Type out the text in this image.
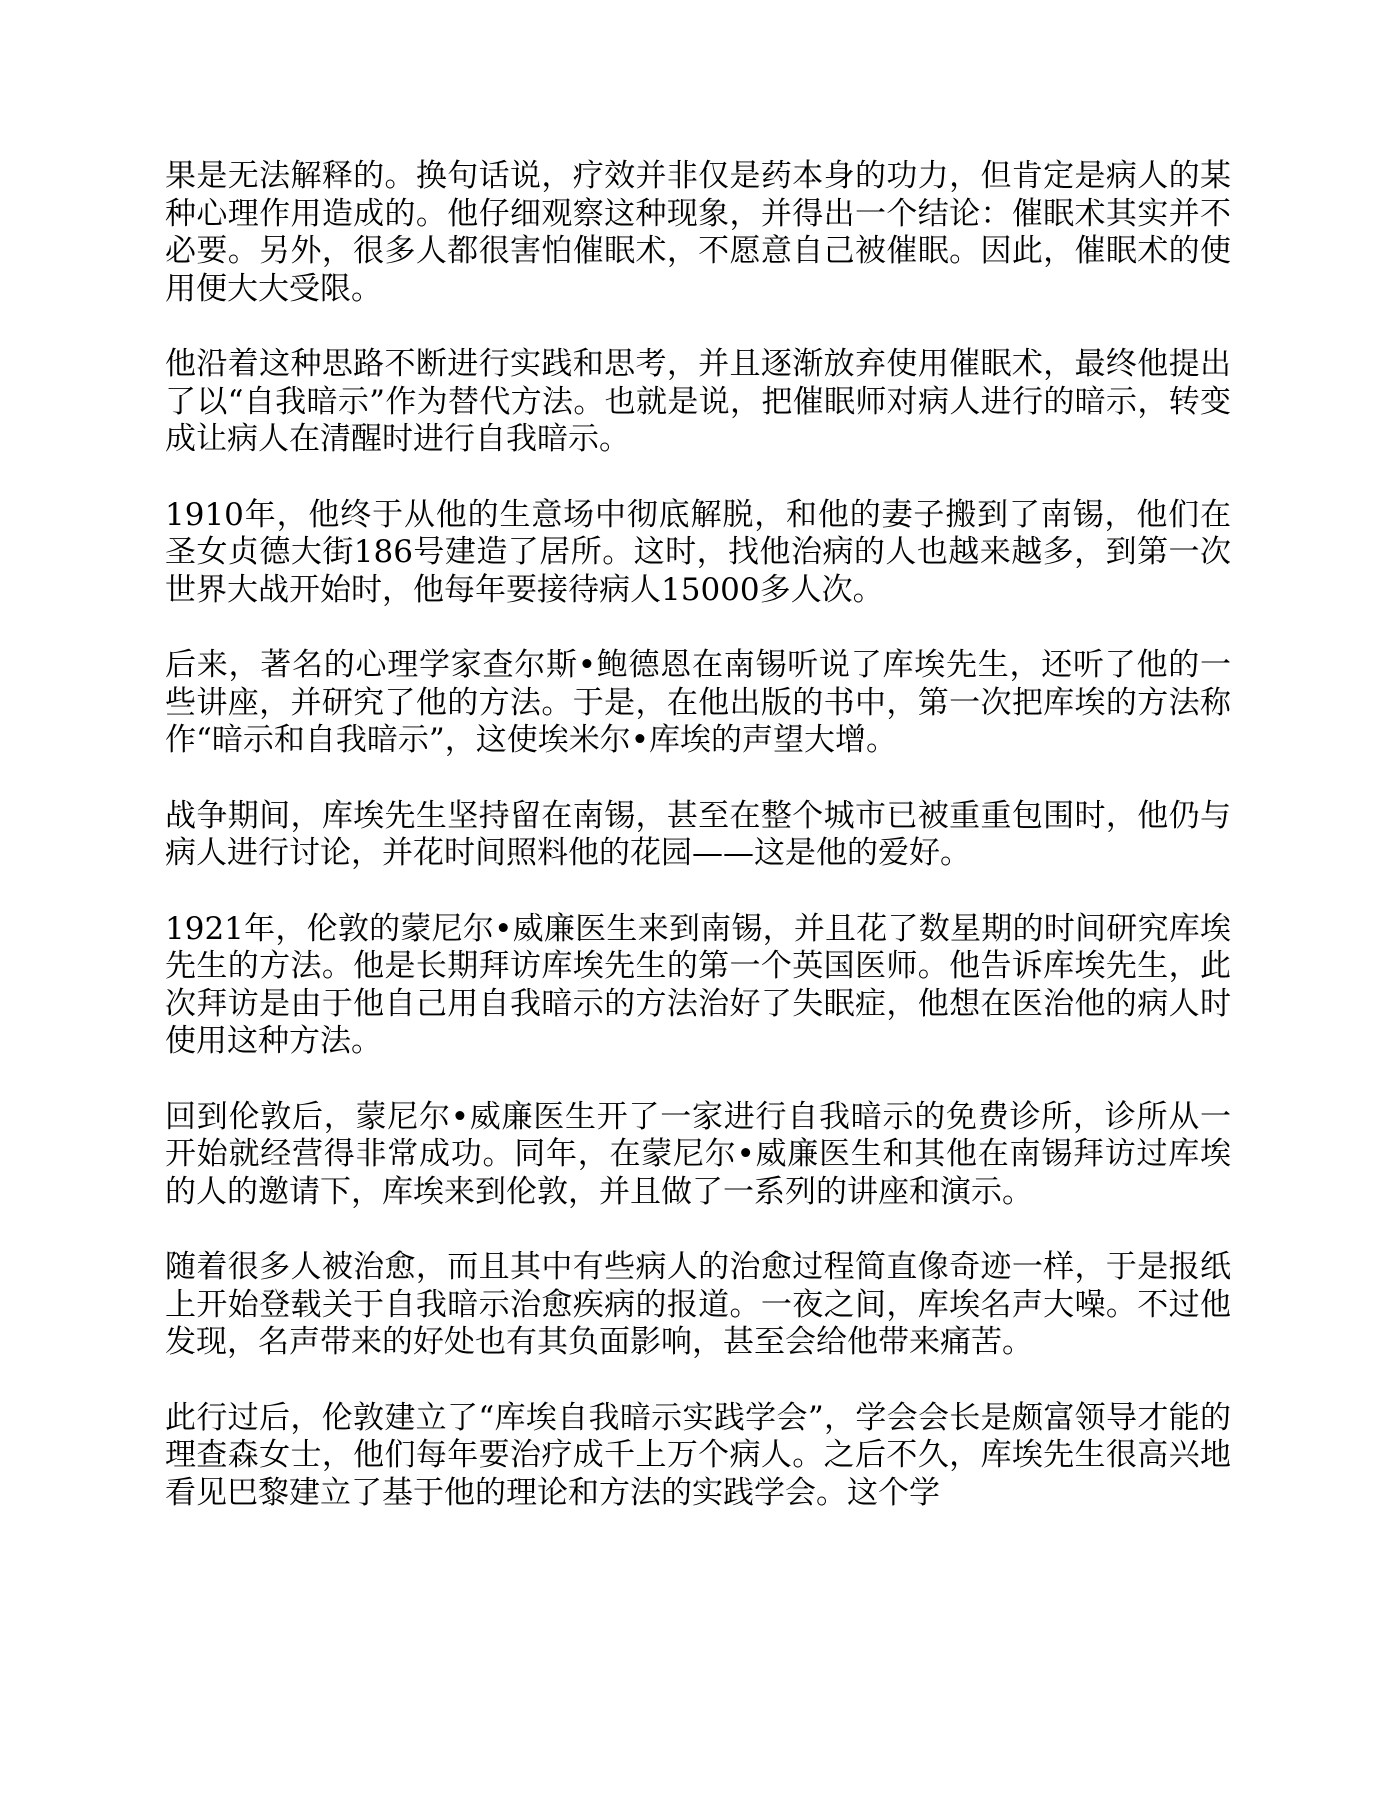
果是无法解释的。换句话说，疗效并非仅是药本身的功力，但肯定是病人的某种心理作用造成的。他仔细观察这种现象，并得出一个结论：催眠术其实并不必要。另外，很多人都很害怕催眠术，不愿意自己被催眠。因此，催眠术的使用便大大受限。

他沿着这种思路不断进行实践和思考，并且逐渐放弃使用催眠术，最终他提出了以“自我暗示”作为替代方法。也就是说，把催眠师对病人进行的暗示，转变成让病人在清醒时进行自我暗示。

1910年，他终于从他的生意场中彻底解脱，和他的妻子搬到了南锡，他们在圣女贞德大街186号建造了居所。这时，找他治病的人也越来越多，到第一次世界大战开始时，他每年要接待病人15000多人次。

后来，著名的心理学家查尔斯•鲍德恩在南锡听说了库埃先生，还听了他的一些讲座，并研究了他的方法。于是，在他出版的书中，第一次把库埃的方法称作“暗示和自我暗示”，这使埃米尔•库埃的声望大增。

战争期间，库埃先生坚持留在南锡，甚至在整个城市已被重重包围时，他仍与病人进行讨论，并花时间照料他的花园——这是他的爱好。

1921年，伦敦的蒙尼尔•威廉医生来到南锡，并且花了数星期的时间研究库埃先生的方法。他是长期拜访库埃先生的第一个英国医师。他告诉库埃先生，此次拜访是由于他自己用自我暗示的方法治好了失眠症，他想在医治他的病人时使用这种方法。

回到伦敦后，蒙尼尔•威廉医生开了一家进行自我暗示的免费诊所，诊所从一开始就经营得非常成功。同年，在蒙尼尔•威廉医生和其他在南锡拜访过库埃的人的邀请下，库埃来到伦敦，并且做了一系列的讲座和演示。

随着很多人被治愈，而且其中有些病人的治愈过程简直像奇迹一样，于是报纸上开始登载关于自我暗示治愈疾病的报道。一夜之间，库埃名声大噪。不过他发现，名声带来的好处也有其负面影响，甚至会给他带来痛苦。

此行过后，伦敦建立了“库埃自我暗示实践学会”，学会会长是颇富领导才能的理查森女士，他们每年要治疗成千上万个病人。之后不久，库埃先生很高兴地看见巴黎建立了基于他的理论和方法的实践学会。这个学
